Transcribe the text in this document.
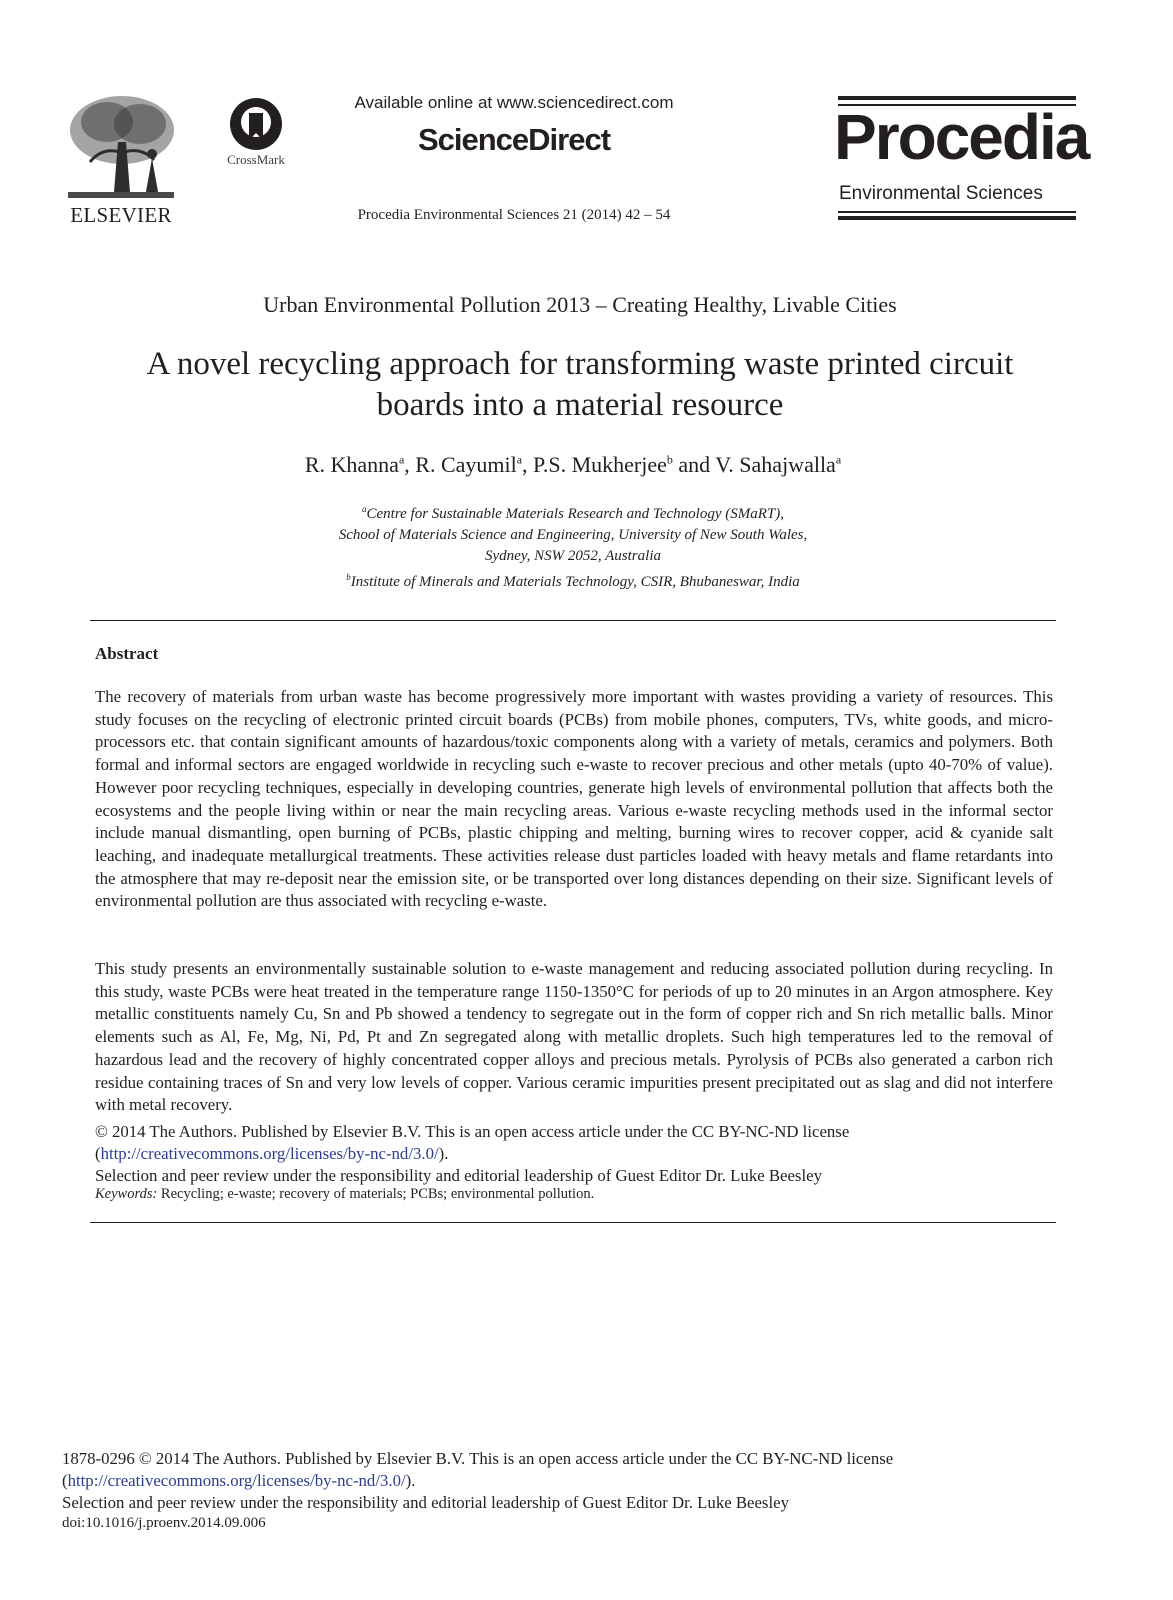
ELSEVIER
CrossMark
Available online at www.sciencedirect.com
ScienceDirect
Procedia Environmental Sciences 21 (2014) 42 – 54
Procedia
Environmental Sciences
Urban Environmental Pollution 2013 – Creating Healthy, Livable Cities
A novel recycling approach for transforming waste printed circuit
boards into a material resource
R. Khanna$^a$, R. Cayumil$^a$, P.S. Mukherjee$^b$ and V. Sahajwalla$^a$
$^a$Centre for Sustainable Materials Research and Technology (SMaRT),
School of Materials Science and Engineering, University of New South Wales,
Sydney, NSW 2052, Australia
$^b$Institute of Minerals and Materials Technology, CSIR, Bhubaneswar, India
Abstract
The recovery of materials from urban waste has become progressively more important with wastes providing a variety of resources. This study focuses on the recycling of electronic printed circuit boards (PCBs) from mobile phones, computers, TVs, white goods, and micro-processors etc. that contain significant amounts of hazardous/toxic components along with a variety of metals, ceramics and polymers. Both formal and informal sectors are engaged worldwide in recycling such e-waste to recover precious and other metals (upto 40-70% of value). However poor recycling techniques, especially in developing countries, generate high levels of environmental pollution that affects both the ecosystems and the people living within or near the main recycling areas. Various e-waste recycling methods used in the informal sector include manual dismantling, open burning of PCBs, plastic chipping and melting, burning wires to recover copper, acid & cyanide salt leaching, and inadequate metallurgical treatments. These activities release dust particles loaded with heavy metals and flame retardants into the atmosphere that may re-deposit near the emission site, or be transported over long distances depending on their size. Significant levels of environmental pollution are thus associated with recycling e-waste.
This study presents an environmentally sustainable solution to e-waste management and reducing associated pollution during recycling. In this study, waste PCBs were heat treated in the temperature range 1150-1350°C for periods of up to 20 minutes in an Argon atmosphere. Key metallic constituents namely Cu, Sn and Pb showed a tendency to segregate out in the form of copper rich and Sn rich metallic balls. Minor elements such as Al, Fe, Mg, Ni, Pd, Pt and Zn segregated along with metallic droplets. Such high temperatures led to the removal of hazardous lead and the recovery of highly concentrated copper alloys and precious metals. Pyrolysis of PCBs also generated a carbon rich residue containing traces of Sn and very low levels of copper. Various ceramic impurities present precipitated out as slag and did not interfere with metal recovery.
© 2014 The Authors. Published by Elsevier B.V. This is an open access article under the CC BY-NC-ND license
(http://creativecommons.org/licenses/by-nc-nd/3.0/).
Selection and peer review under the responsibility and editorial leadership of Guest Editor Dr. Luke Beesley
Keywords: Recycling; e-waste; recovery of materials; PCBs; environmental pollution.
1878-0296 © 2014 The Authors. Published by Elsevier B.V. This is an open access article under the CC BY-NC-ND license
(http://creativecommons.org/licenses/by-nc-nd/3.0/).
Selection and peer review under the responsibility and editorial leadership of Guest Editor Dr. Luke Beesley
doi:10.1016/j.proenv.2014.09.006
